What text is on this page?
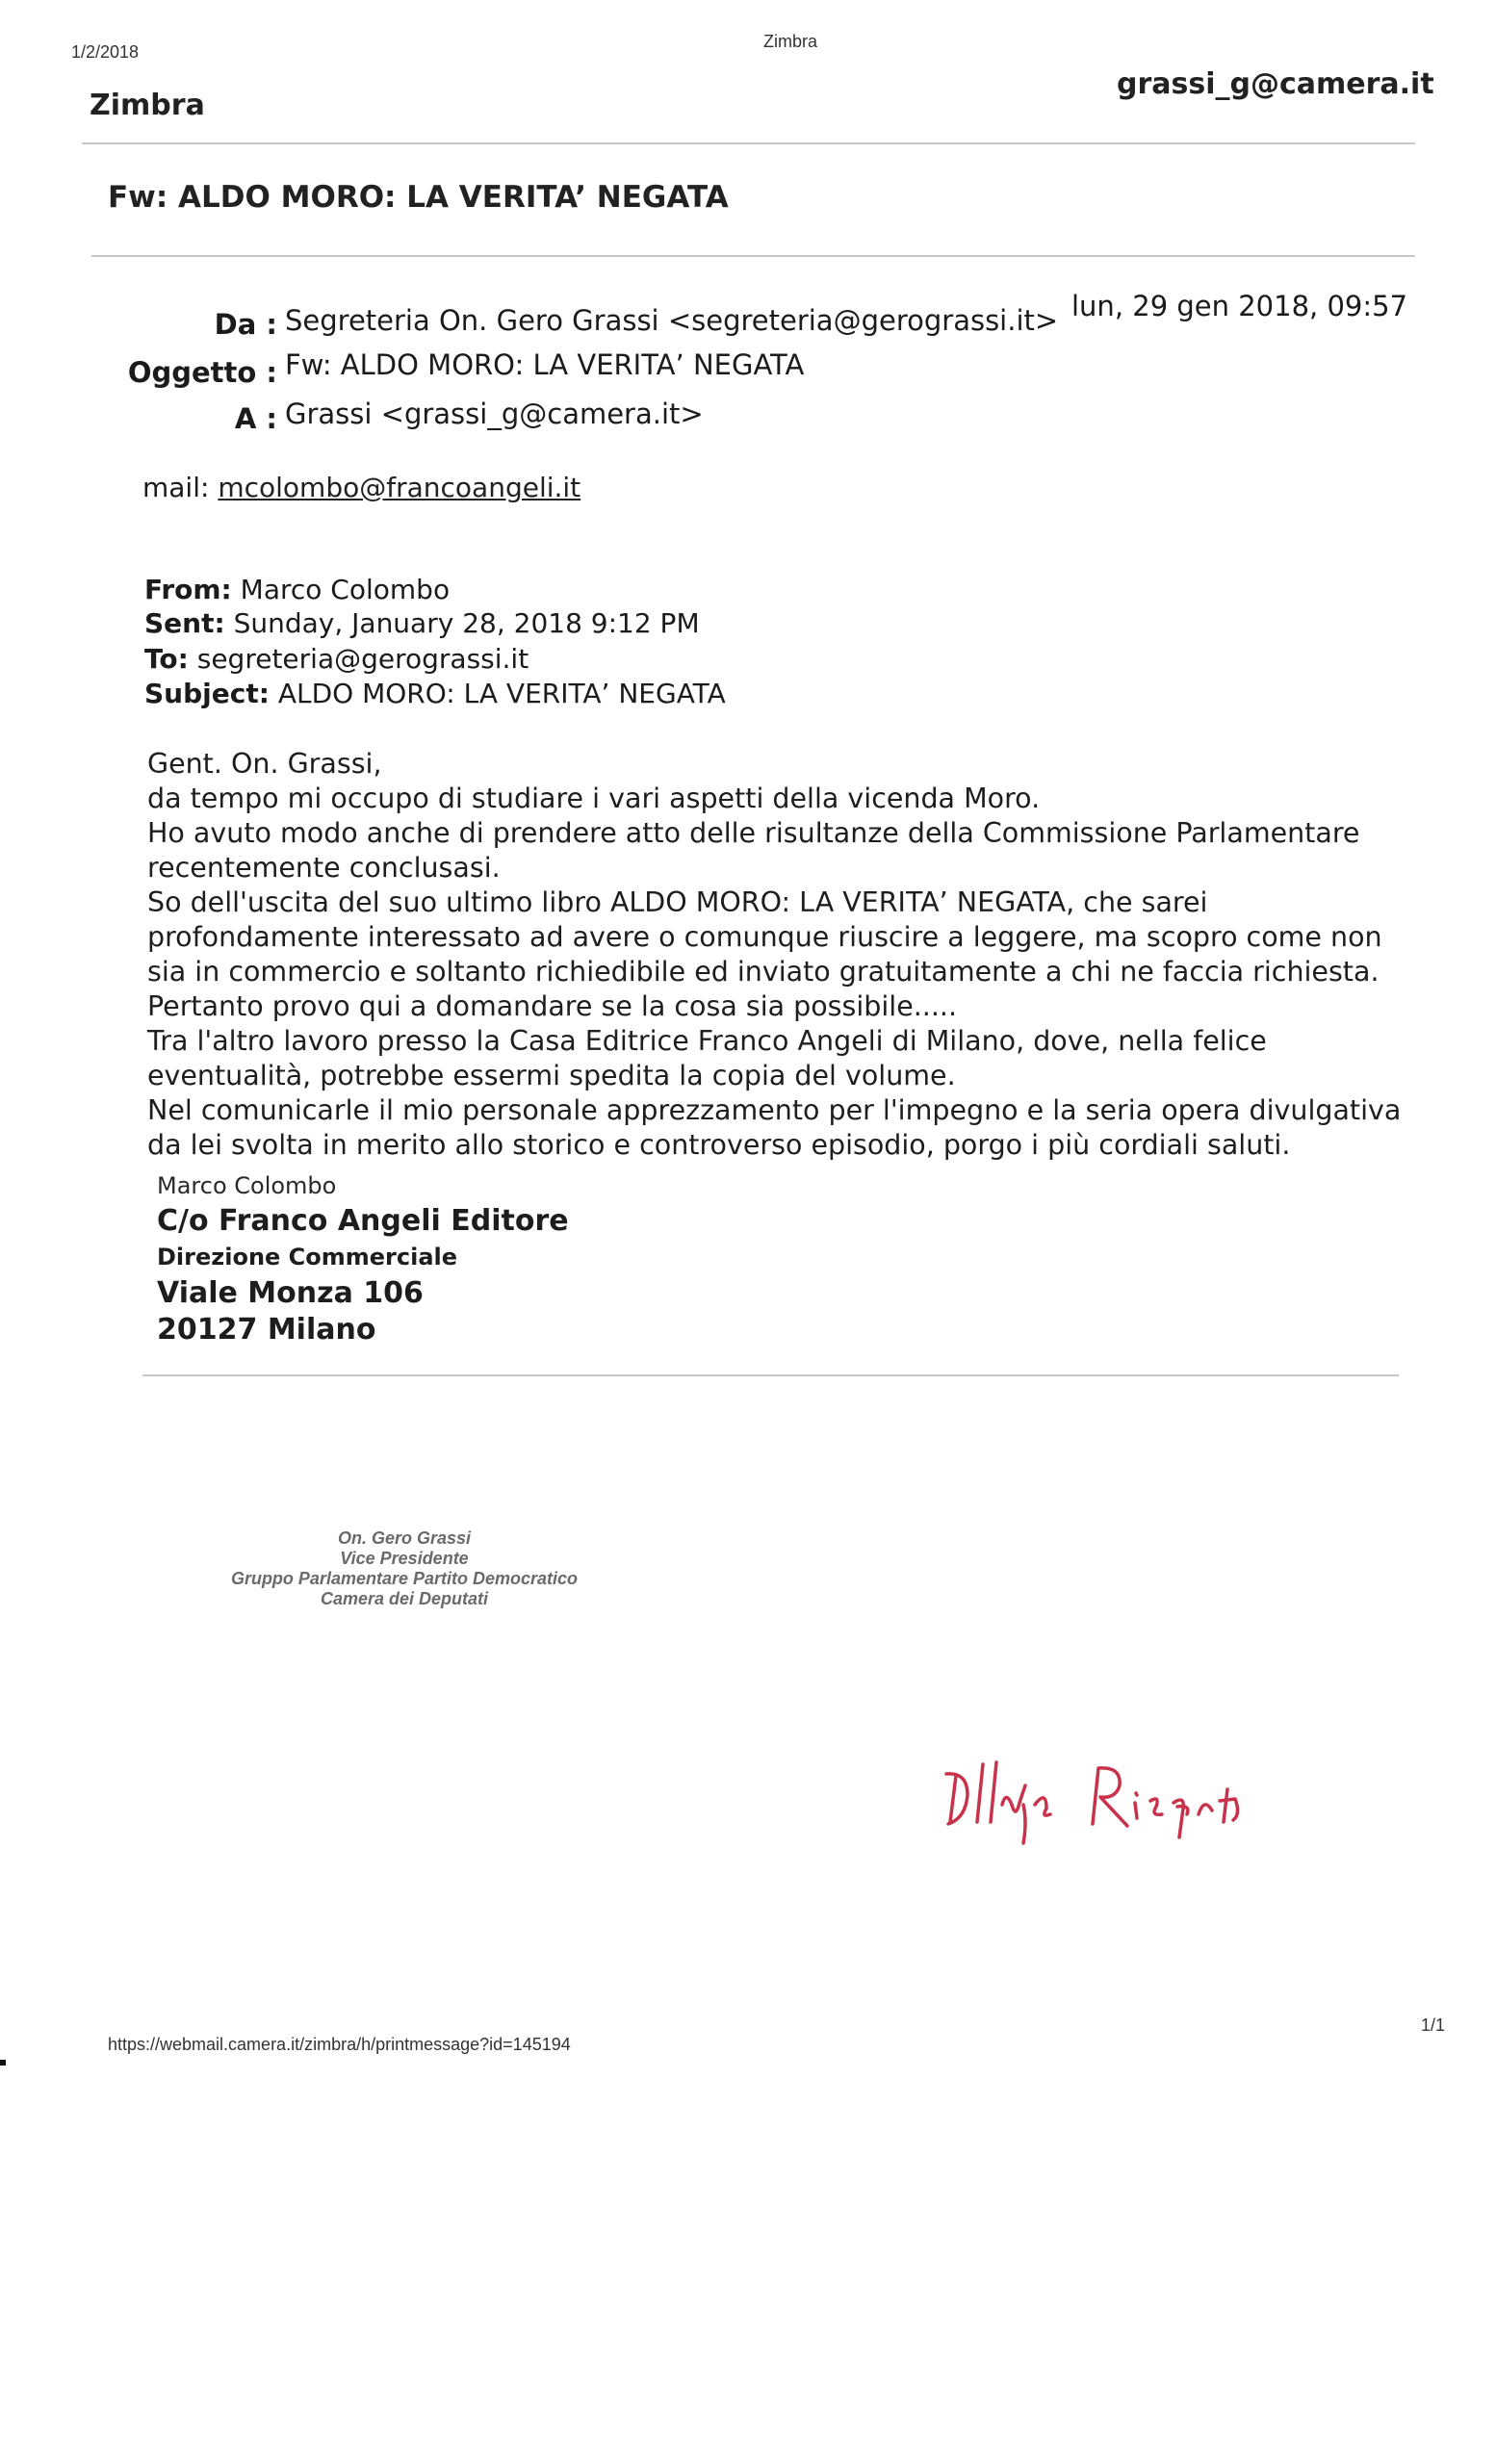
1/2/2018
Zimbra
Zimbra
grassi_g@camera.it
Fw: ALDO MORO: LA VERITA’ NEGATA
Da : Segreteria On. Gero Grassi <segreteria@gerograssi.it> lun, 29 gen 2018, 09:57
Oggetto : Fw: ALDO MORO: LA VERITA’ NEGATA
A : Grassi <grassi_g@camera.it>
mail: mcolombo@francoangeli.it
From: Marco Colombo
Sent: Sunday, January 28, 2018 9:12 PM
To: segreteria@gerograssi.it
Subject: ALDO MORO: LA VERITA’ NEGATA
Gent. On. Grassi,
da tempo mi occupo di studiare i vari aspetti della vicenda Moro.
Ho avuto modo anche di prendere atto delle risultanze della Commissione Parlamentare
recentemente conclusasi.
So dell'uscita del suo ultimo libro ALDO MORO: LA VERITA’ NEGATA, che sarei
profondamente interessato ad avere o comunque riuscire a leggere, ma scopro come non
sia in commercio e soltanto richiedibile ed inviato gratuitamente a chi ne faccia richiesta.
Pertanto provo qui a domandare se la cosa sia possibile.....
Tra l'altro lavoro presso la Casa Editrice Franco Angeli di Milano, dove, nella felice
eventualità, potrebbe essermi spedita la copia del volume.
Nel comunicarle il mio personale apprezzamento per l'impegno e la seria opera divulgativa
da lei svolta in merito allo storico e controverso episodio, porgo i più cordiali saluti.
Marco Colombo
C/o Franco Angeli Editore
Direzione Commerciale
Viale Monza 106
20127 Milano
On. Gero Grassi
Vice Presidente
Gruppo Parlamentare Partito Democratico
Camera dei Deputati
https://webmail.camera.it/zimbra/h/printmessage?id=145194
1/1
